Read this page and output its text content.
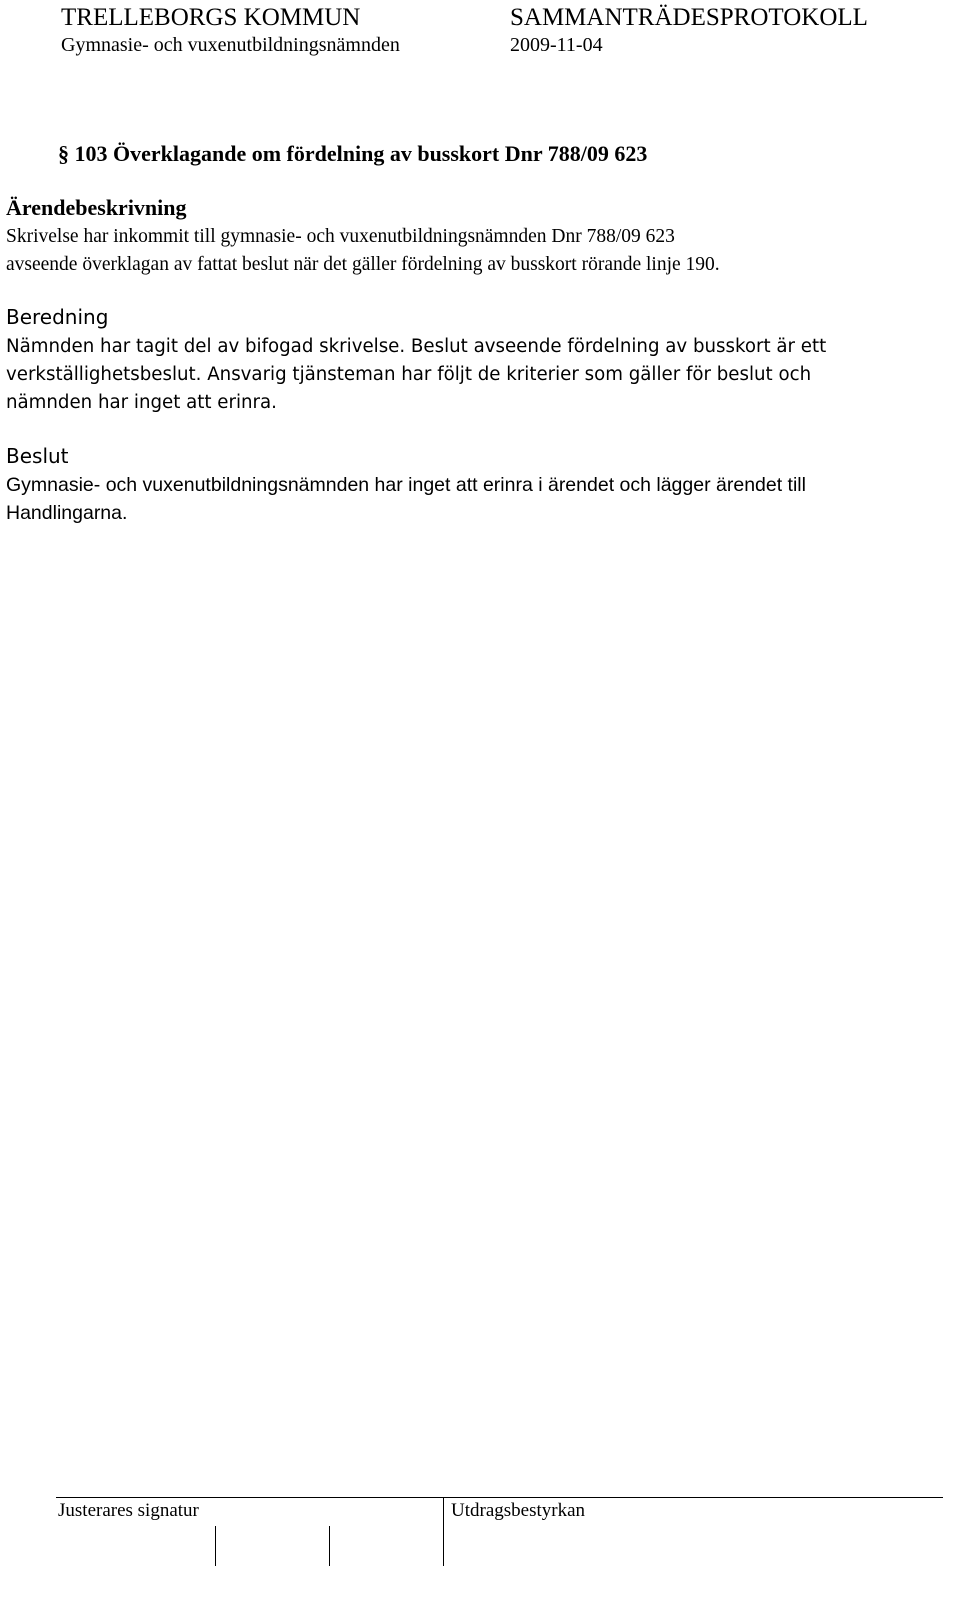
TRELLEBORGS KOMMUN	SAMMANTRÄDESPROTOKOLL
Gymnasie- och vuxenutbildningsnämnden	2009-11-04
§ 103 Överklagande om fördelning av busskort Dnr 788/09 623
Ärendebeskrivning
Skrivelse har inkommit till gymnasie- och vuxenutbildningsnämnden Dnr 788/09 623
avseende överklagan av fattat beslut när det gäller fördelning av busskort rörande linje 190.
Beredning
Nämnden har tagit del av bifogad skrivelse. Beslut avseende fördelning av busskort är ett
verkställighetsbeslut. Ansvarig tjänsteman har följt de kriterier som gäller för beslut och
nämnden har inget att erinra.
Beslut
Gymnasie- och vuxenutbildningsnämnden har inget att erinra i ärendet och lägger ärendet till
Handlingarna.
Justerares signatur	Utdragsbestyrkan
